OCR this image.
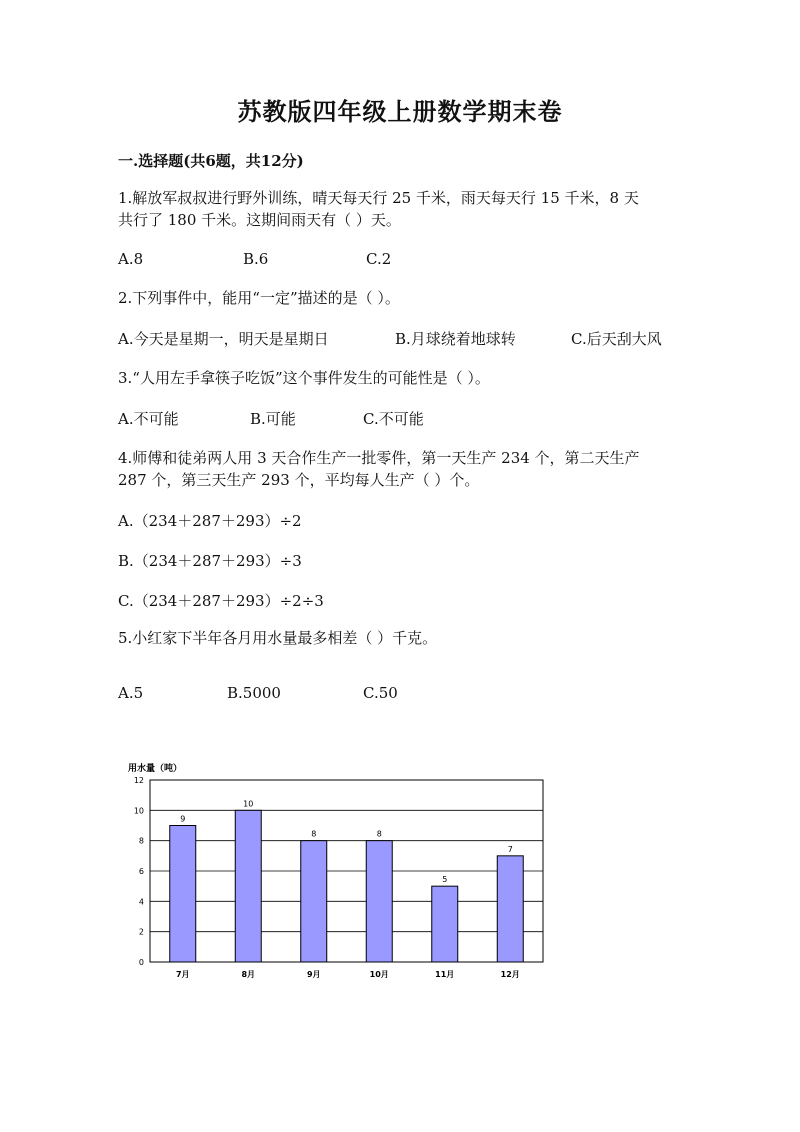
苏教版四年级上册数学期末卷
一.选择题(共6题，共12分)
1.解放军叔叔进行野外训练，晴天每天行 25 千米，雨天每天行 15 千米，8 天
共行了 180 千米。这期间雨天有（ ）天。
A.8	B.6	C.2
2.下列事件中，能用“一定”描述的是（ ）。
A.今天是星期一，明天是星期日	B.月球绕着地球转	C.后天刮大风
3.“人用左手拿筷子吃饭”这个事件发生的可能性是（ ）。
A.不可能	B.可能	C.不可能
4.师傅和徒弟两人用 3 天合作生产一批零件，第一天生产 234 个，第二天生产
287 个，第三天生产 293 个，平均每人生产（ ）个。
A.（234＋287＋293）÷2
B.（234＋287＋293）÷3
C.（234＋287＋293）÷2÷3
5.小红家下半年各月用水量最多相差（ ）千克。
A.5	B.5000	C.50
用水量（吨）
9
10
8	8
5
7
0
2
4
6
8
10
12
7月	8月	9月	10月	11月	12月
